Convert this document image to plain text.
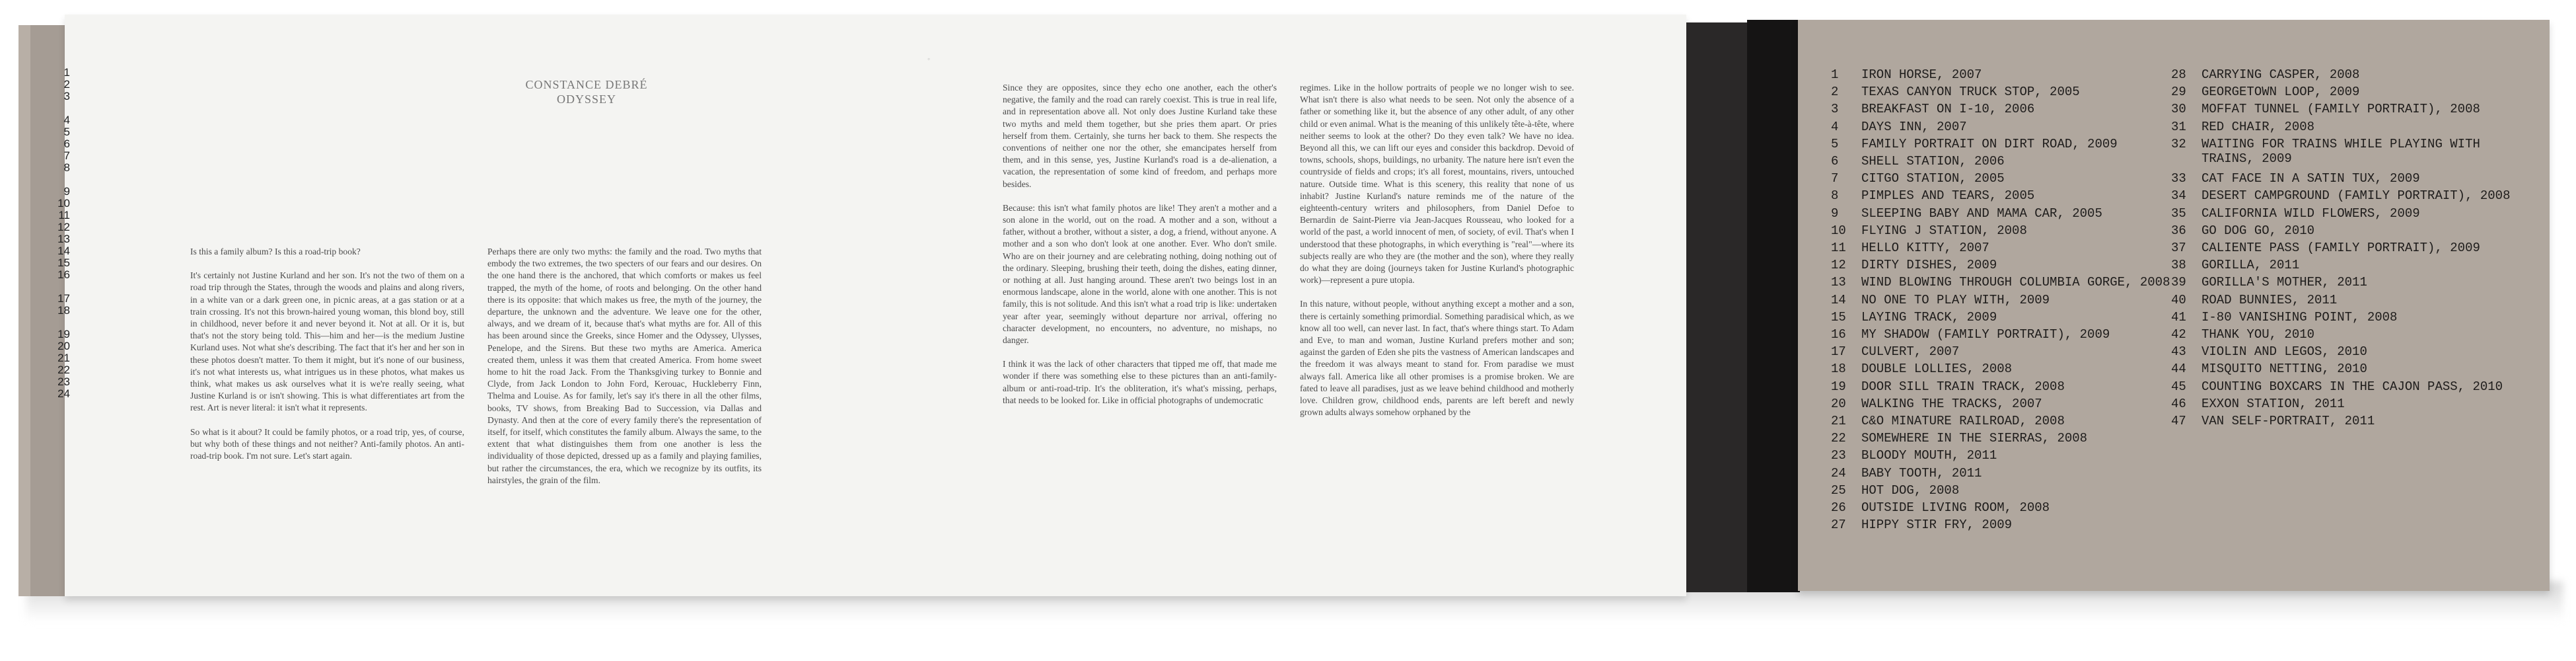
CONSTANCE DEBRÉ
ODYSSEY
◦

Is this a family album? Is this a road-trip book?

It's certainly not Justine Kurland and her son. It's not the two of them on a road trip through the States, through the woods and plains and along rivers, in a white van or a dark green one, in picnic areas, at a gas station or at a train crossing. It's not this brown-haired young woman, this blond boy, still in childhood, never before it and never beyond it. Not at all. Or it is, but that's not the story being told. This—him and her—is the medium Justine Kurland uses. Not what she's describing. The fact that it's her and her son in these photos doesn't matter. To them it might, but it's none of our business, it's not what interests us, what intrigues us in these photos, what makes us think, what makes us ask ourselves what it is we're really seeing, what Justine Kurland is or isn't showing. This is what differentiates art from the rest. Art is never literal: it isn't what it represents.

So what is it about? It could be family photos, or a road trip, yes, of course, but why both of these things and not neither? Anti-family photos. An anti-road-trip book. I'm not sure. Let's start again.

Perhaps there are only two myths: the family and the road. Two myths that embody the two extremes, the two specters of our fears and our desires. On the one hand there is the anchored, that which comforts or makes us feel trapped, the myth of the home, of roots and belonging. On the other hand there is its opposite: that which makes us free, the myth of the journey, the departure, the unknown and the adventure. We leave one for the other, always, and we dream of it, because that's what myths are for. All of this has been around since the Greeks, since Homer and the Odyssey, Ulysses, Penelope, and the Sirens. But these two myths are America. America created them, unless it was them that created America. From home sweet home to hit the road Jack. From the Thanksgiving turkey to Bonnie and Clyde, from Jack London to John Ford, Kerouac, Huckleberry Finn, Thelma and Louise. As for family, let's say it's there in all the other films, books, TV shows, from Breaking Bad to Succession, via Dallas and Dynasty. And then at the core of every family there's the representation of itself, for itself, which constitutes the family album. Always the same, to the extent that what distinguishes them from one another is less the individuality of those depicted, dressed up as a family and playing families, but rather the circumstances, the era, which we recognize by its outfits, its hairstyles, the grain of the film.

Since they are opposites, since they echo one another, each the other's negative, the family and the road can rarely coexist. This is true in real life, and in representation above all. Not only does Justine Kurland take these two myths and meld them together, but she pries them apart. Or pries herself from them. Certainly, she turns her back to them. She respects the conventions of neither one nor the other, she emancipates herself from them, and in this sense, yes, Justine Kurland's road is a de-alienation, a vacation, the representation of some kind of freedom, and perhaps more besides.

Because: this isn't what family photos are like! They aren't a mother and a son alone in the world, out on the road. A mother and a son, without a father, without a brother, without a sister, a dog, a friend, without anyone. A mother and a son who don't look at one another. Ever. Who don't smile. Who are on their journey and are celebrating nothing, doing nothing out of the ordinary. Sleeping, brushing their teeth, doing the dishes, eating dinner, or nothing at all. Just hanging around. These aren't two beings lost in an enormous landscape, alone in the world, alone with one another. This is not family, this is not solitude. And this isn't what a road trip is like: undertaken year after year, seemingly without departure nor arrival, offering no character development, no encounters, no adventure, no mishaps, no danger.

I think it was the lack of other characters that tipped me off, that made me wonder if there was something else to these pictures than an anti-family-album or anti-road-trip. It's the obliteration, it's what's missing, perhaps, that needs to be looked for. Like in official photographs of undemocratic

regimes. Like in the hollow portraits of people we no longer wish to see. What isn't there is also what needs to be seen. Not only the absence of a father or something like it, but the absence of any other adult, of any other child or even animal. What is the meaning of this unlikely tête-à-tête, where neither seems to look at the other? Do they even talk? We have no idea. Beyond all this, we can lift our eyes and consider this backdrop. Devoid of towns, schools, shops, buildings, no urbanity. The nature here isn't even the countryside of fields and crops; it's all forest, mountains, rivers, untouched nature. Outside time. What is this scenery, this reality that none of us inhabit? Justine Kurland's nature reminds me of the nature of the eighteenth-century writers and philosophers, from Daniel Defoe to Bernardin de Saint-Pierre via Jean-Jacques Rousseau, who looked for a world of the past, a world innocent of men, of society, of evil. That's when I understood that these photographs, in which everything is "real"—where its subjects really are who they are (the mother and the son), where they really do what they are doing (journeys taken for Justine Kurland's photographic work)—represent a pure utopia.

In this nature, without people, without anything except a mother and a son, there is certainly something primordial. Something paradisical which, as we know all too well, can never last. In fact, that's where things start. To Adam and Eve, to man and woman, Justine Kurland prefers mother and son; against the garden of Eden she pits the vastness of American landscapes and the freedom it was always meant to stand for. From paradise we must always fall. America like all other promises is a promise broken. We are fated to leave all paradises, just as we leave behind childhood and motherly love. Children grow, childhood ends, parents are left bereft and newly grown adults always somehow orphaned by the

1
2
3
4
5
6
7
8
9
10
11
12
13
14
15
16
17
18
19
20
21
22
23
24
1 IRON HORSE, 2007
2 TEXAS CANYON TRUCK STOP, 2005
3 BREAKFAST ON I-10, 2006
4 DAYS INN, 2007
5 FAMILY PORTRAIT ON DIRT ROAD, 2009
6 SHELL STATION, 2006
7 CITGO STATION, 2005
8 PIMPLES AND TEARS, 2005
9 SLEEPING BABY AND MAMA CAR, 2005
10 FLYING J STATION, 2008
11 HELLO KITTY, 2007
12 DIRTY DISHES, 2009
13 WIND BLOWING THROUGH COLUMBIA GORGE, 2008
14 NO ONE TO PLAY WITH, 2009
15 LAYING TRACK, 2009
16 MY SHADOW (FAMILY PORTRAIT), 2009
17 CULVERT, 2007
18 DOUBLE LOLLIES, 2008
19 DOOR SILL TRAIN TRACK, 2008
20 WALKING THE TRACKS, 2007
21 C&O MINATURE RAILROAD, 2008
22 SOMEWHERE IN THE SIERRAS, 2008
23 BLOODY MOUTH, 2011
24 BABY TOOTH, 2011
25 HOT DOG, 2008
26 OUTSIDE LIVING ROOM, 2008
27 HIPPY STIR FRY, 2009
28 CARRYING CASPER, 2008
29 GEORGETOWN LOOP, 2009
30 MOFFAT TUNNEL (FAMILY PORTRAIT), 2008
31 RED CHAIR, 2008
32 WAITING FOR TRAINS WHILE PLAYING WITH
TRAINS, 2009
33 CAT FACE IN A SATIN TUX, 2009
34 DESERT CAMPGROUND (FAMILY PORTRAIT), 2008
35 CALIFORNIA WILD FLOWERS, 2009
36 GO DOG GO, 2010
37 CALIENTE PASS (FAMILY PORTRAIT), 2009
38 GORILLA, 2011
39 GORILLA'S MOTHER, 2011
40 ROAD BUNNIES, 2011
41 I-80 VANISHING POINT, 2008
42 THANK YOU, 2010
43 VIOLIN AND LEGOS, 2010
44 MISQUITO NETTING, 2010
45 COUNTING BOXCARS IN THE CAJON PASS, 2010
46 EXXON STATION, 2011
47 VAN SELF-PORTRAIT, 2011
